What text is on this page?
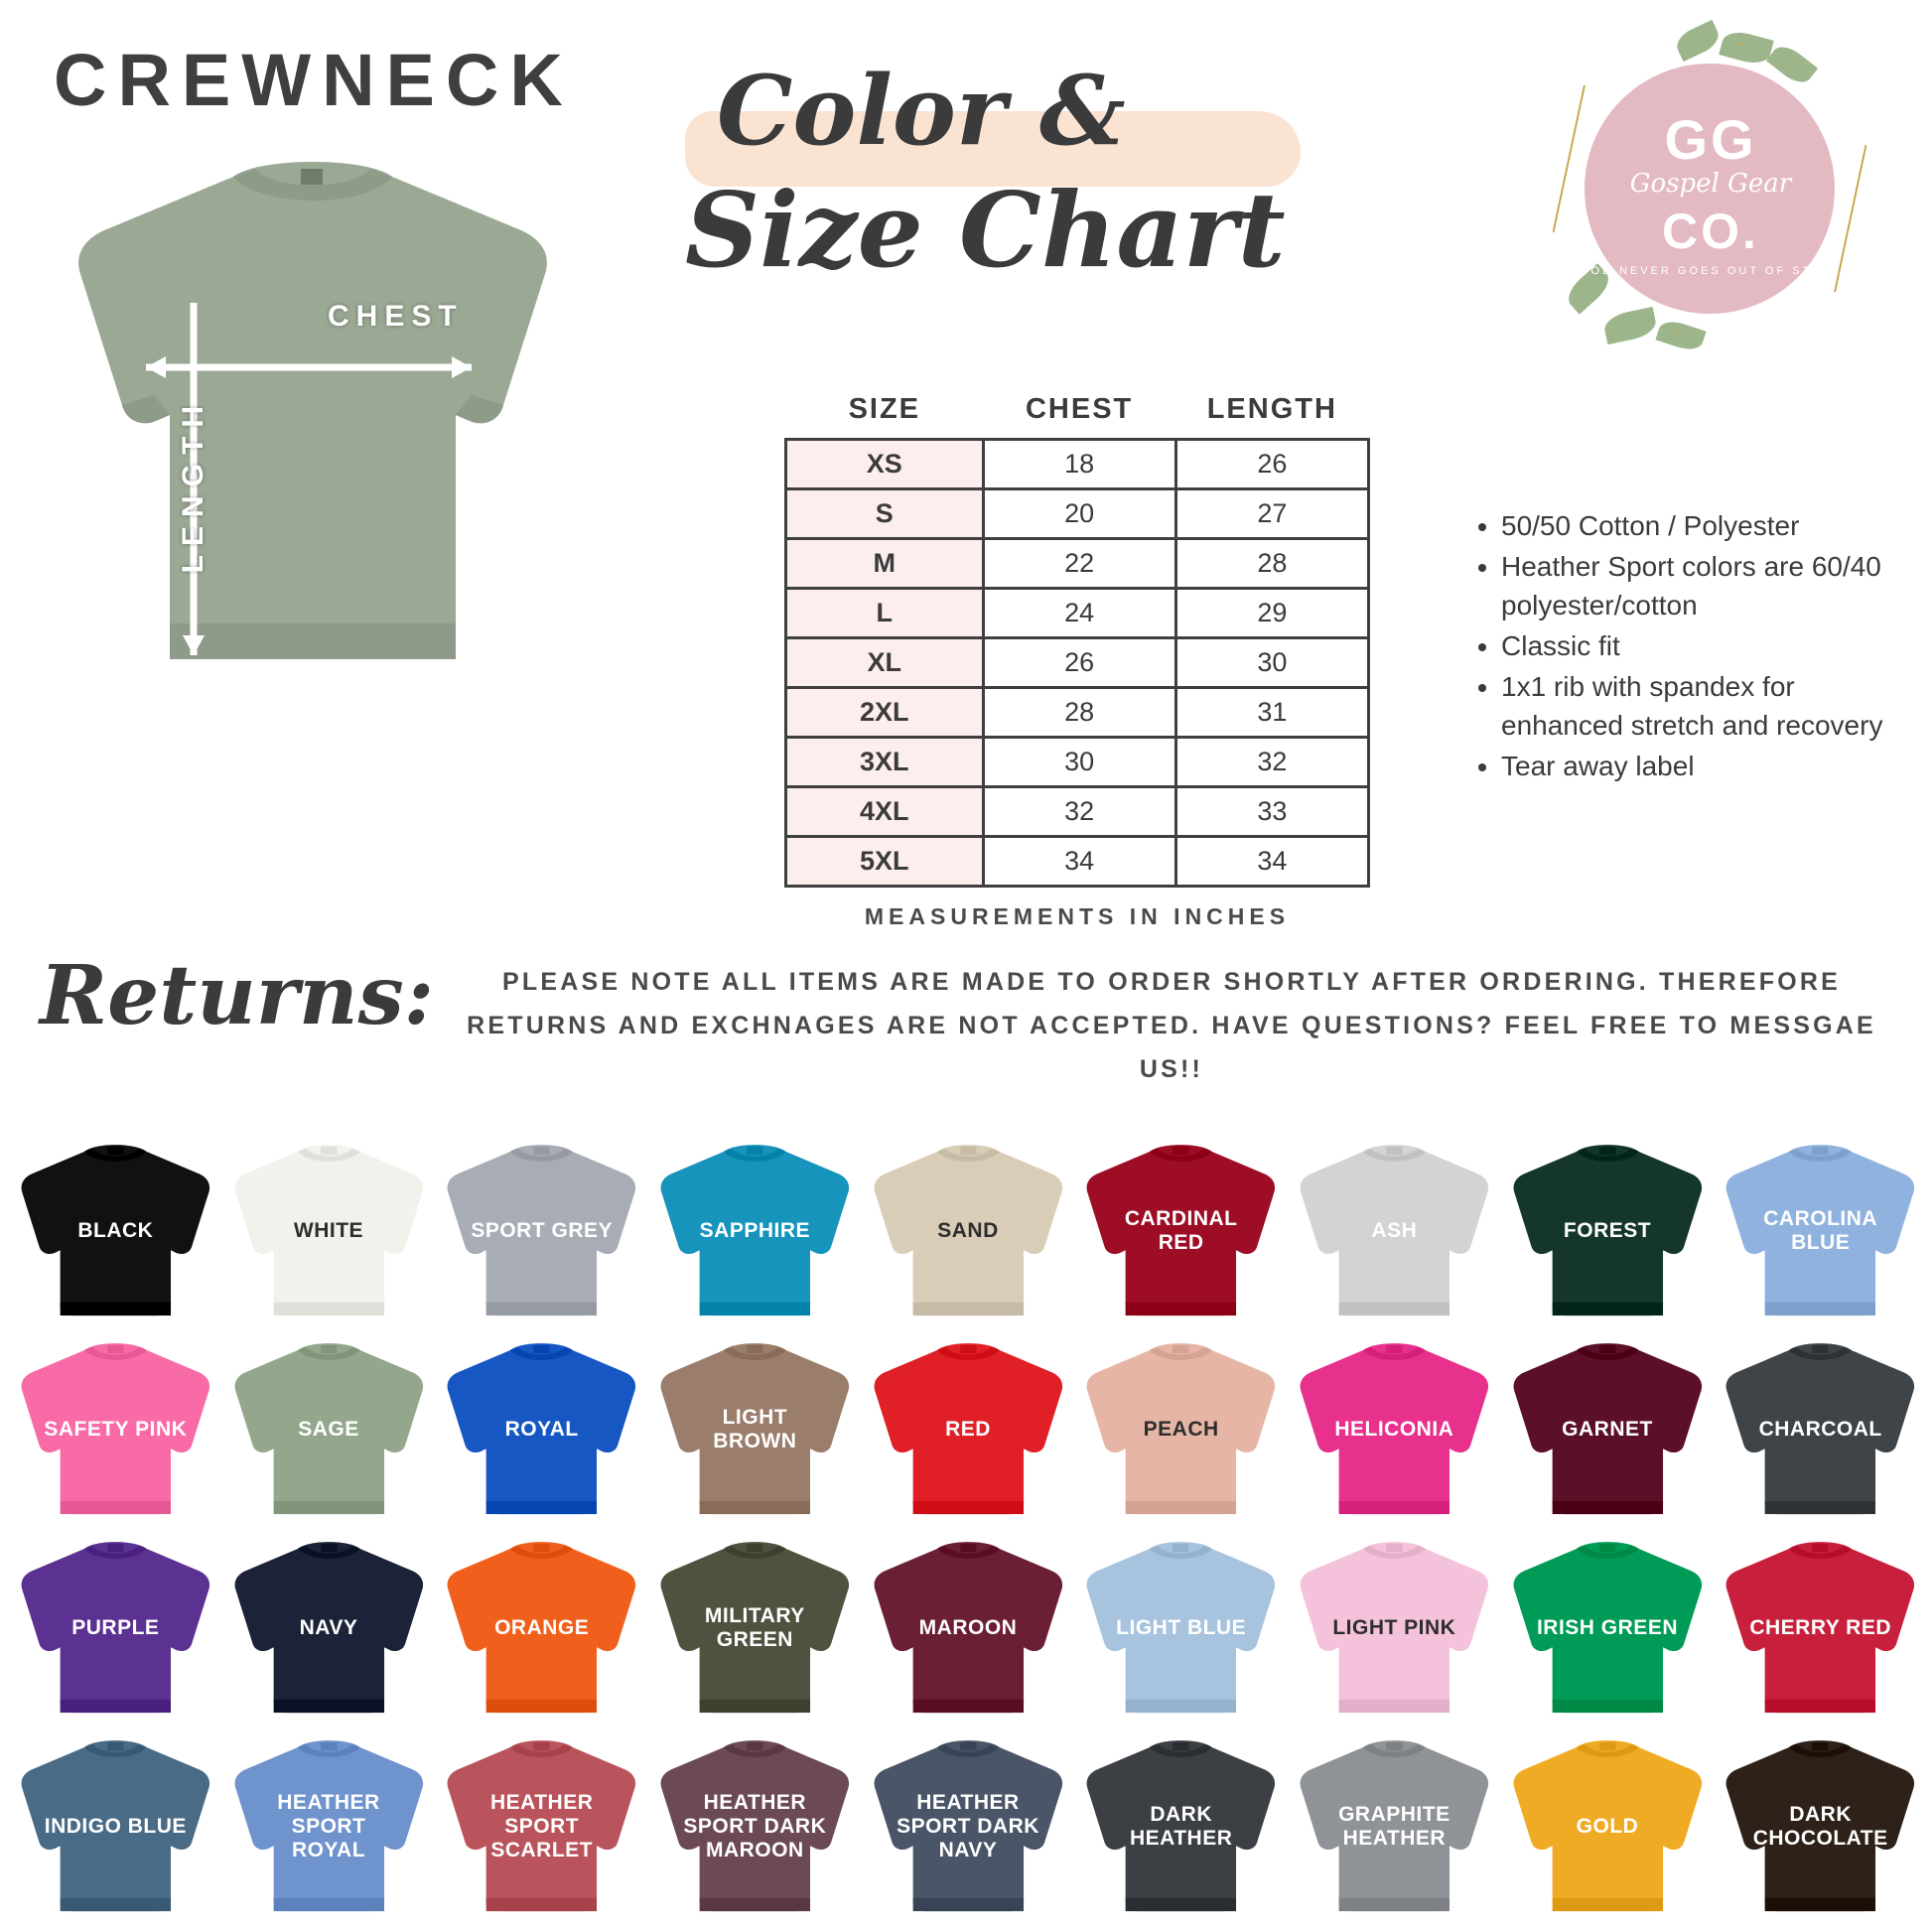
CREWNECK
CHEST
LENGTH
Color &
Size Chart
GG
Gospel Gear
CO.
GOD NEVER GOES OUT OF STYLE
SIZE	CHEST	LENGTH
XS	18	26
S	20	27
M	22	28
L	24	29
XL	26	30
2XL	28	31
3XL	30	32
4XL	32	33
5XL	34	34
MEASUREMENTS IN INCHES
• 50/50 Cotton / Polyester
• Heather Sport colors are 60/40 polyester/cotton
• Classic fit
• 1x1 rib with spandex for enhanced stretch and recovery
• Tear away label
Returns:	PLEASE NOTE ALL ITEMS ARE MADE TO ORDER SHORTLY AFTER ORDERING. THEREFORE RETURNS AND EXCHNAGES ARE NOT ACCEPTED. HAVE QUESTIONS? FEEL FREE TO MESSGAE US!!
BLACK	WHITE	SPORT GREY	SAPPHIRE	SAND
CARDINAL RED
ASH	FOREST
CAROLINA BLUE
SAFETY PINK	SAGE	ROYAL
LIGHT BROWN
RED	PEACH	HELICONIA	GARNET	CHARCOAL
PURPLE	NAVY	ORANGE
MILITARY GREEN
MAROON	LIGHT BLUE	LIGHT PINK	IRISH GREEN	CHERRY RED
INDIGO BLUE
HEATHER SPORT ROYAL
HEATHER SPORT SCARLET
HEATHER SPORT DARK MAROON
HEATHER SPORT DARK NAVY
DARK HEATHER
GRAPHITE HEATHER
GOLD
DARK CHOCOLATE
